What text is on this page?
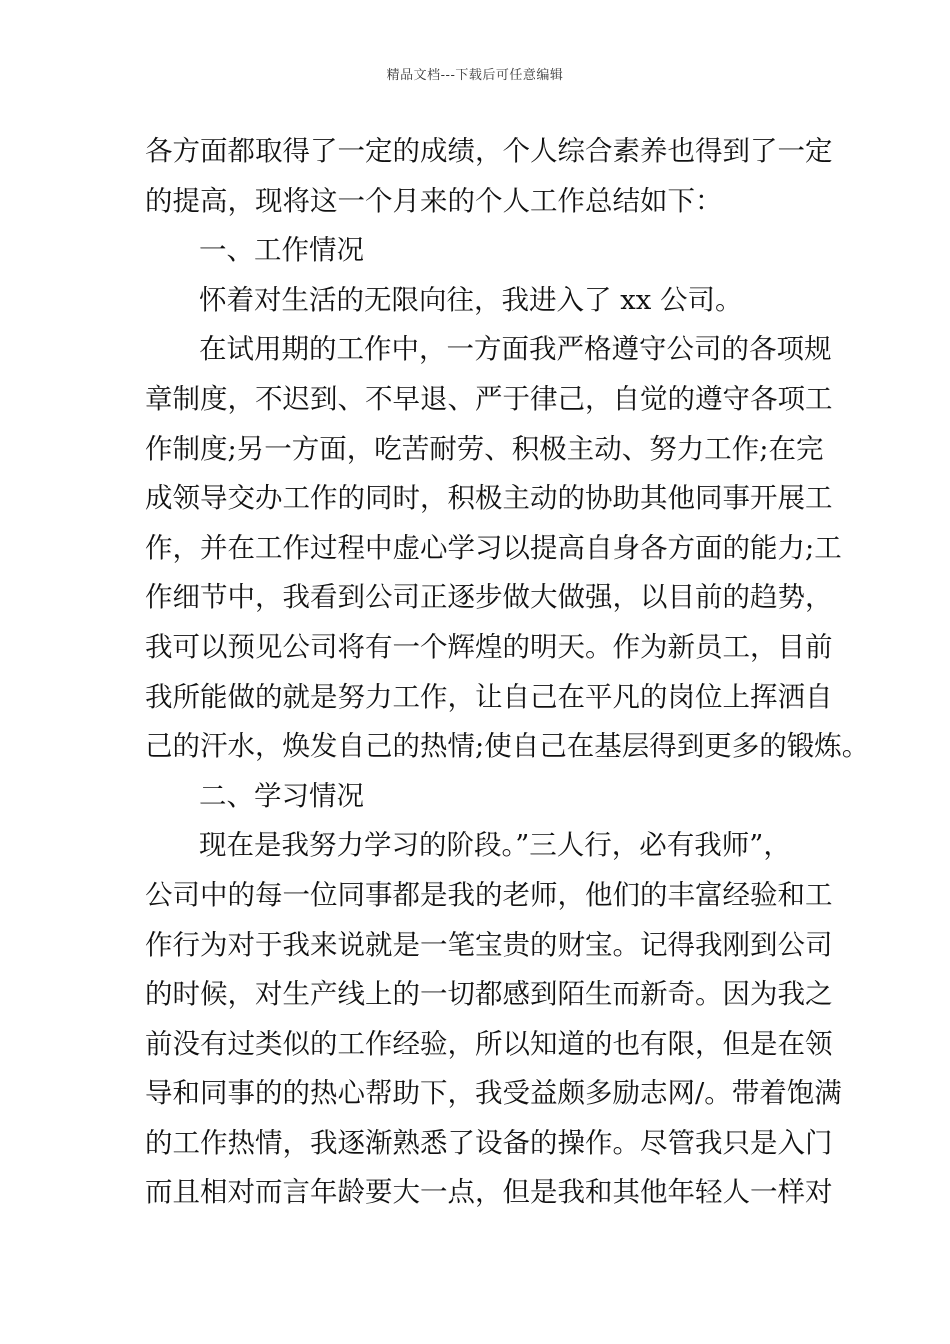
精品文档---下载后可任意编辑
各方面都取得了一定的成绩，个人综合素养也得到了一定
的提高，现将这一个月来的个人工作总结如下：
一、工作情况
怀着对生活的无限向往，我进入了 xx 公司。
在试用期的工作中，一方面我严格遵守公司的各项规
章制度，不迟到、不早退、严于律己，自觉的遵守各项工
作制度;另一方面，吃苦耐劳、积极主动、努力工作;在完
成领导交办工作的同时，积极主动的协助其他同事开展工
作，并在工作过程中虚心学习以提高自身各方面的能力;工
作细节中，我看到公司正逐步做大做强，以目前的趋势，
我可以预见公司将有一个辉煌的明天。作为新员工，目前
我所能做的就是努力工作，让自己在平凡的岗位上挥洒自
己的汗水，焕发自己的热情;使自己在基层得到更多的锻炼。
二、学习情况
现在是我努力学习的阶段。”三人行，必有我师”，
公司中的每一位同事都是我的老师，他们的丰富经验和工
作行为对于我来说就是一笔宝贵的财宝。记得我刚到公司
的时候，对生产线上的一切都感到陌生而新奇。因为我之
前没有过类似的工作经验，所以知道的也有限，但是在领
导和同事的的热心帮助下，我受益颇多励志网/。带着饱满
的工作热情，我逐渐熟悉了设备的操作。尽管我只是入门
而且相对而言年龄要大一点，但是我和其他年轻人一样对
